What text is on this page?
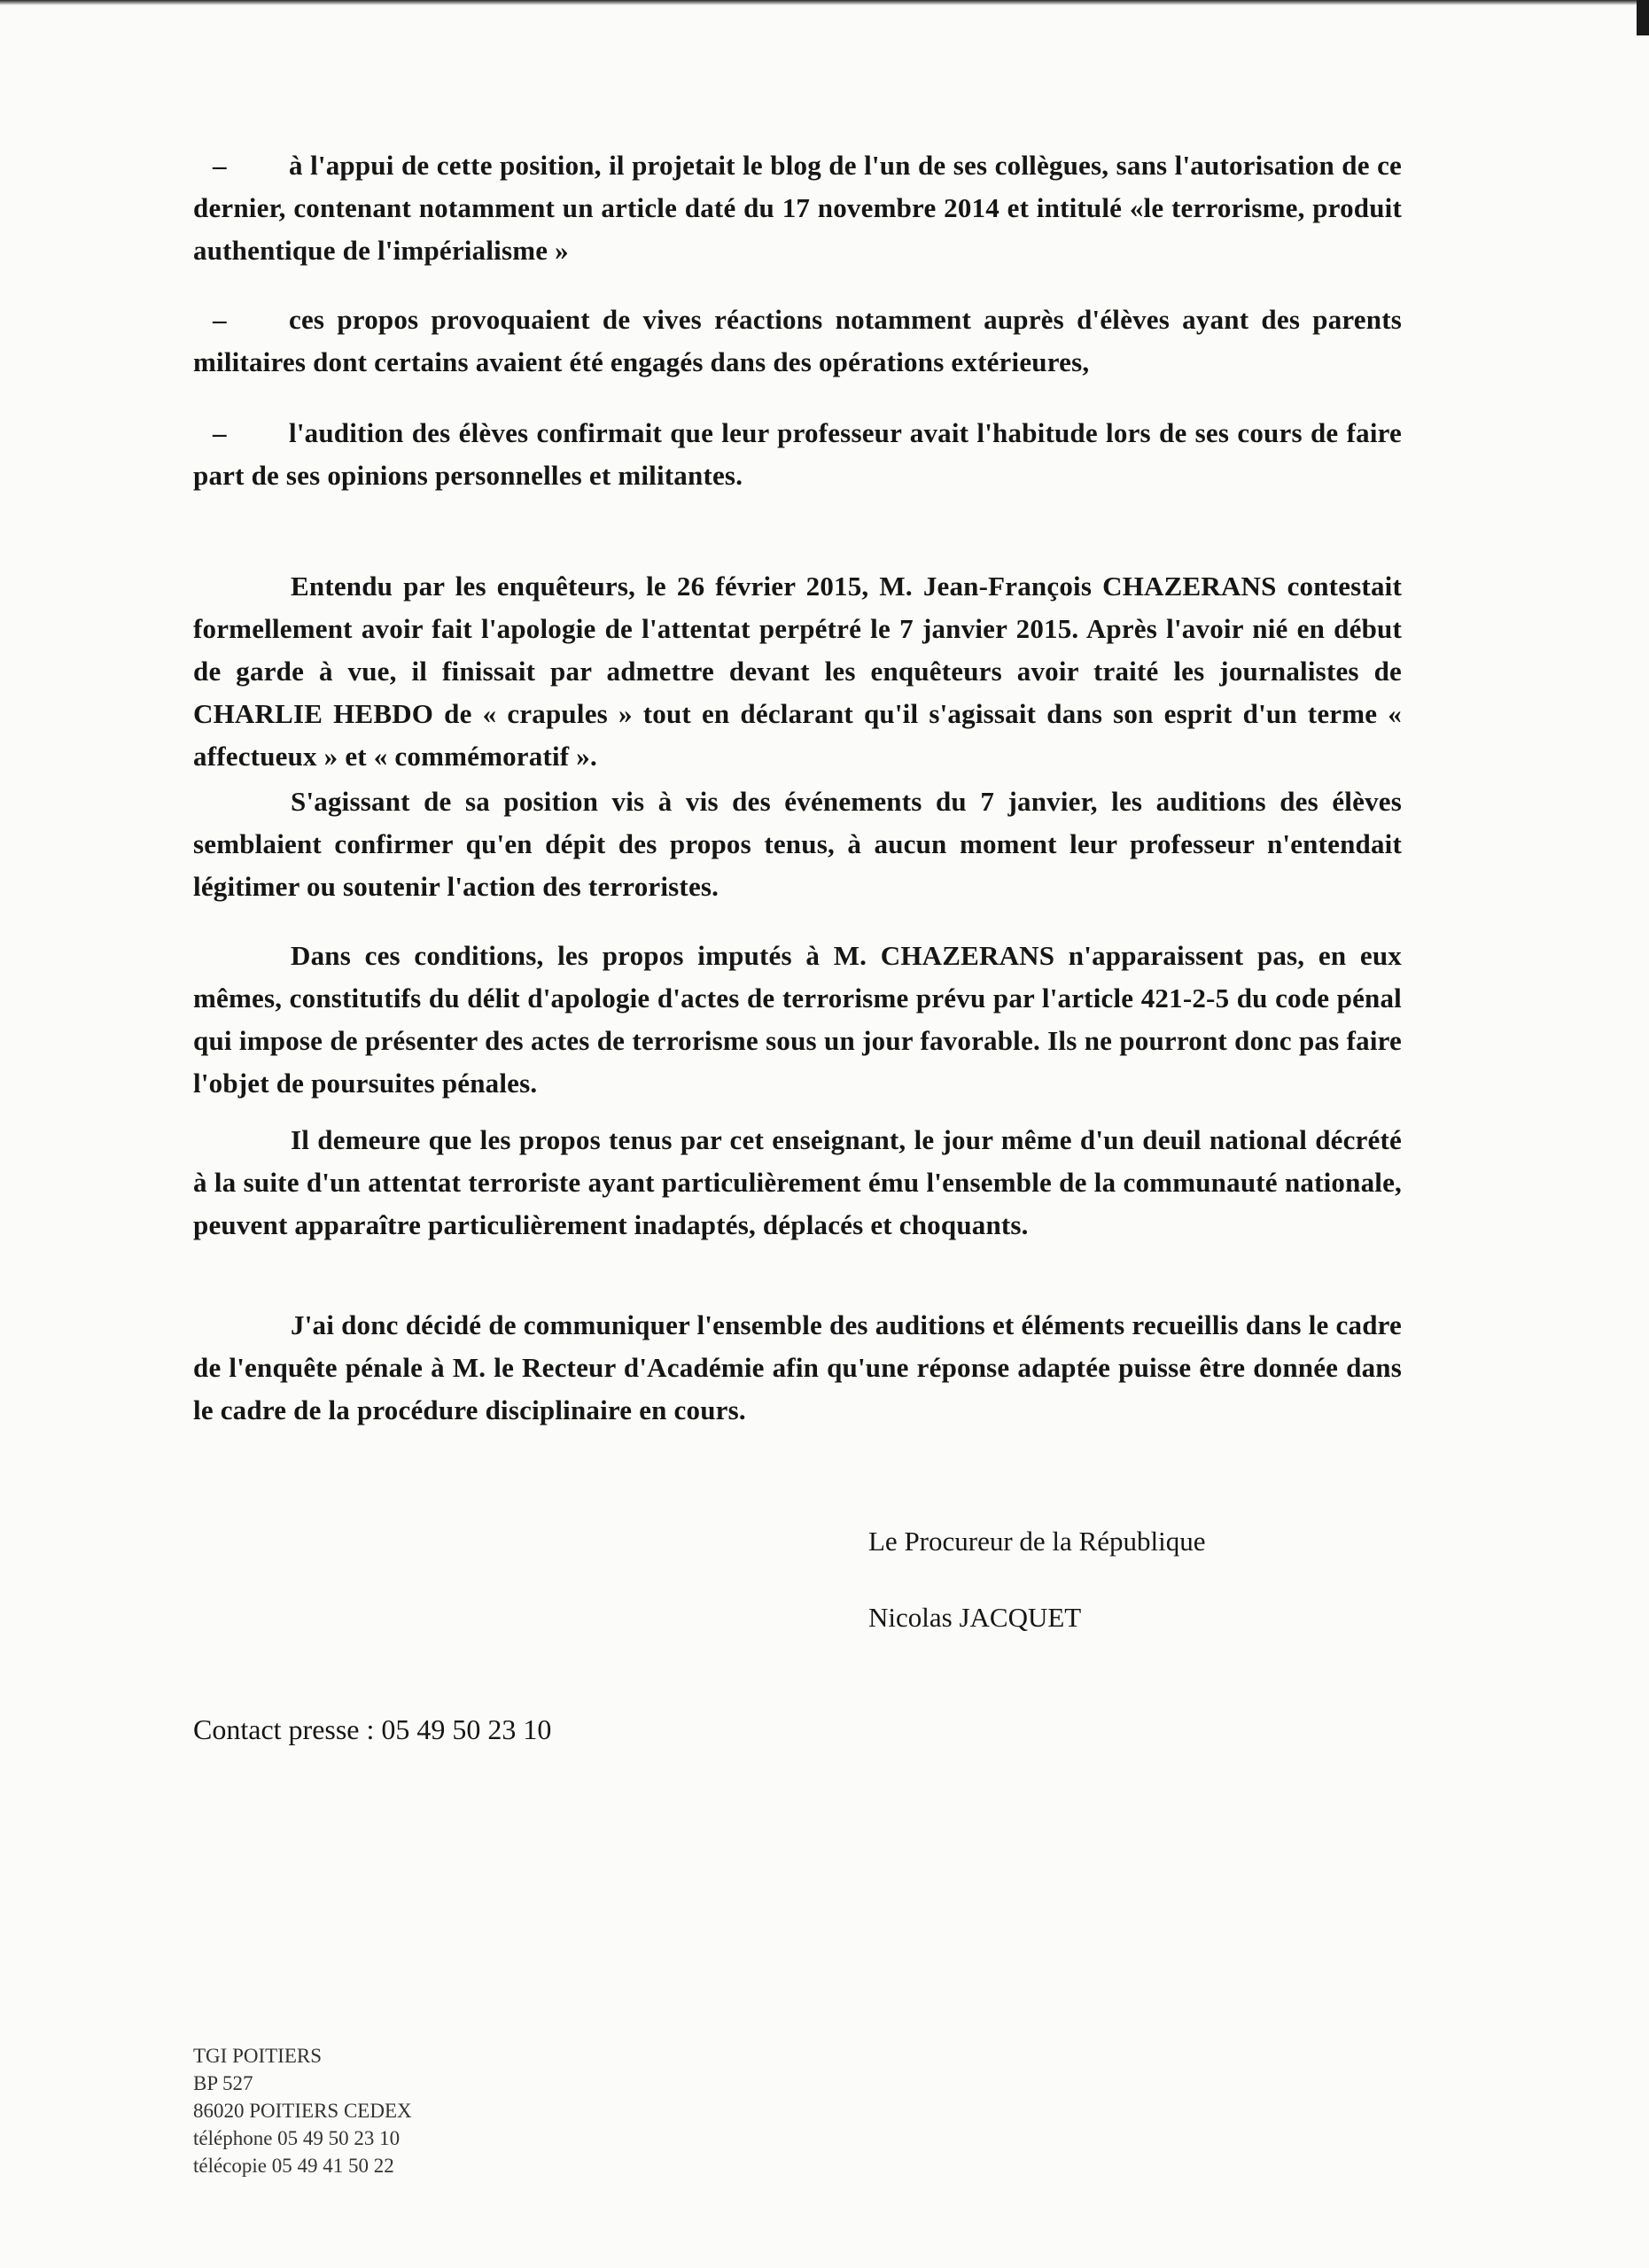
– à l'appui de cette position, il projetait le blog de l'un de ses collègues, sans l'autorisation de ce dernier, contenant notamment un article daté du 17 novembre 2014 et intitulé «le terrorisme, produit authentique de l'impérialisme »

– ces propos provoquaient de vives réactions notamment auprès d'élèves ayant des parents militaires dont certains avaient été engagés dans des opérations extérieures,

– l'audition des élèves confirmait que leur professeur avait l'habitude lors de ses cours de faire part de ses opinions personnelles et militantes.

Entendu par les enquêteurs, le 26 février 2015, M. Jean-François CHAZERANS contestait formellement avoir fait l'apologie de l'attentat perpétré le 7 janvier 2015. Après l'avoir nié en début de garde à vue, il finissait par admettre devant les enquêteurs avoir traité les journalistes de CHARLIE HEBDO de « crapules » tout en déclarant qu'il s'agissait dans son esprit d'un terme « affectueux » et « commémoratif ».

S'agissant de sa position vis à vis des événements du 7 janvier, les auditions des élèves semblaient confirmer qu'en dépit des propos tenus, à aucun moment leur professeur n'entendait légitimer ou soutenir l'action des terroristes.

Dans ces conditions, les propos imputés à M. CHAZERANS n'apparaissent pas, en eux mêmes, constitutifs du délit d'apologie d'actes de terrorisme prévu par l'article 421-2-5 du code pénal qui impose de présenter des actes de terrorisme sous un jour favorable. Ils ne pourront donc pas faire l'objet de poursuites pénales.

Il demeure que les propos tenus par cet enseignant, le jour même d'un deuil national décrété à la suite d'un attentat terroriste ayant particulièrement ému l'ensemble de la communauté nationale, peuvent apparaître particulièrement inadaptés, déplacés et choquants.

J'ai donc décidé de communiquer l'ensemble des auditions et éléments recueillis dans le cadre de l'enquête pénale à M. le Recteur d'Académie afin qu'une réponse adaptée puisse être donnée dans le cadre de la procédure disciplinaire en cours.

Le Procureur de la République
Nicolas JACQUET
Contact presse : 05 49 50 23 10
TGI POITIERS
BP 527
86020 POITIERS CEDEX
téléphone 05 49 50 23 10
télécopie 05 49 41 50 22
